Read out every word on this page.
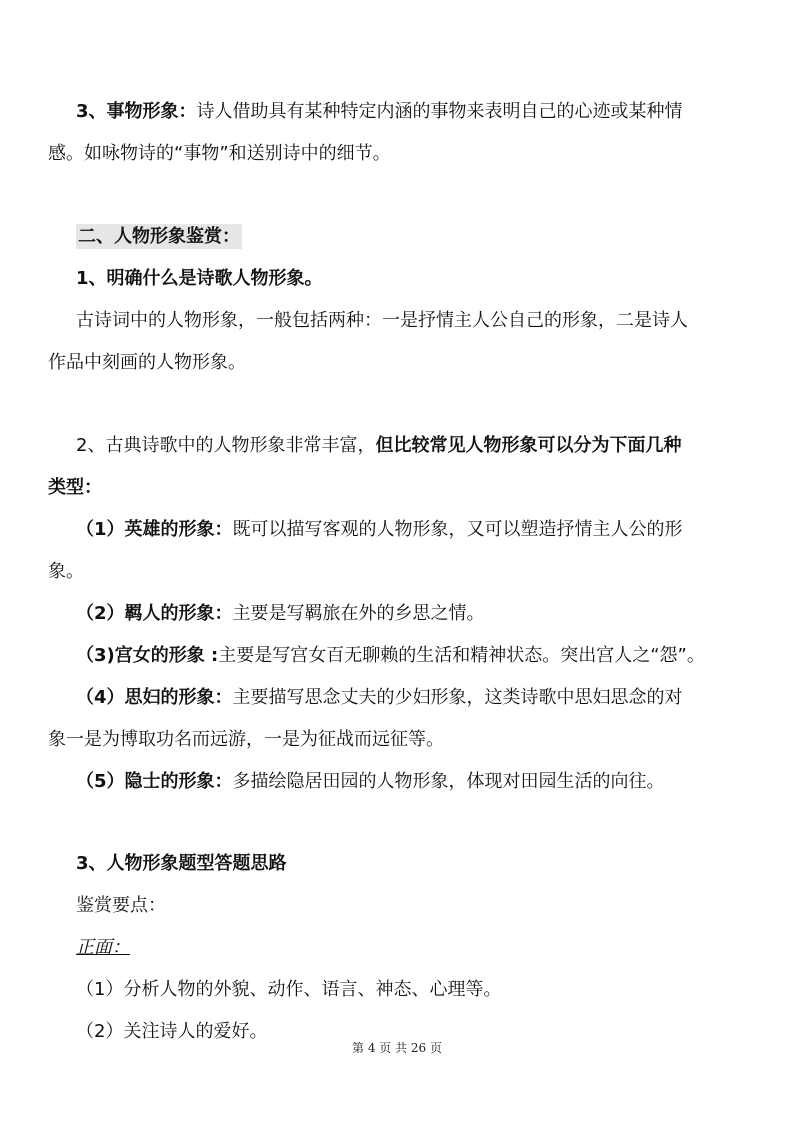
3、事物形象：诗人借助具有某种特定内涵的事物来表明自己的心迹或某种情
感。如咏物诗的“事物”和送别诗中的细节。
二、人物形象鉴赏：
1、明确什么是诗歌人物形象。
古诗词中的人物形象，一般包括两种：一是抒情主人公自己的形象，二是诗人
作品中刻画的人物形象。
2、古典诗歌中的人物形象非常丰富，但比较常见人物形象可以分为下面几种
类型：
（1）英雄的形象：既可以描写客观的人物形象，又可以塑造抒情主人公的形
象。
（2）羁人的形象：主要是写羁旅在外的乡思之情。
（3)宫女的形象 :主要是写宫女百无聊赖的生活和精神状态。突出宫人之“怨”。
（4）思妇的形象：主要描写思念丈夫的少妇形象，这类诗歌中思妇思念的对
象一是为博取功名而远游，一是为征战而远征等。
（5）隐士的形象：多描绘隐居田园的人物形象，体现对田园生活的向往。
3、人物形象题型答题思路
鉴赏要点：
正面：
（1）分析人物的外貌、动作、语言、神态、心理等。
（2）关注诗人的爱好。
第 4 页 共 26 页
